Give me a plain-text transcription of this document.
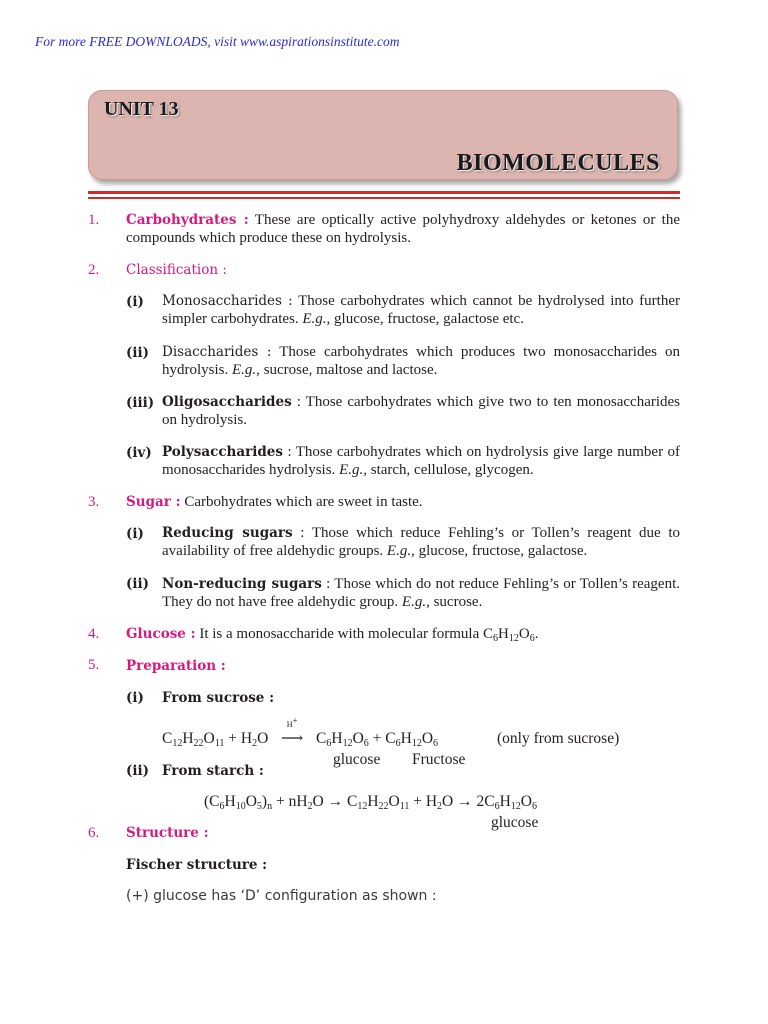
For more FREE DOWNLOADS, visit www.aspirationsinstitute.com
UNIT 13
BIOMOLECULES
1. Carbohydrates : These are optically active polyhydroxy aldehydes or ketones or the compounds which produce these on hydrolysis.
2. Classification :
(i) Monosaccharides : Those carbohydrates which cannot be hydrolysed into further simpler carbohydrates. E.g., glucose, fructose, galactose etc.
(ii) Disaccharides : Those carbohydrates which produces two monosaccharides on hydrolysis. E.g., sucrose, maltose and lactose.
(iii) Oligosaccharides : Those carbohydrates which give two to ten monosaccharides on hydrolysis.
(iv) Polysaccharides : Those carbohydrates which on hydrolysis give large number of monosaccharides hydrolysis. E.g., starch, cellulose, glycogen.
3. Sugar : Carbohydrates which are sweet in taste.
(i) Reducing sugars : Those which reduce Fehling’s or Tollen’s reagent due to availability of free aldehydic groups. E.g., glucose, fructose, galactose.
(ii) Non-reducing sugars : Those which do not reduce Fehling’s or Tollen’s reagent. They do not have free aldehydic group. E.g., sucrose.
4. Glucose : It is a monosaccharide with molecular formula $C_6H_{12}O_6$.
5. Preparation :
(i) From sucrose :
$C_{12}H_{22}O_{11} + H_2O$
H+
⟶ $C_6H_{12}O_6 + C_6H_{12}O_6$	(only from sucrose)
glucose Fructose
(ii) From starch :
$(C_6H_{10}O_5)_n + nH_2O \to C_{12}H_{22}O_{11} + H_2O \to 2C_6H_{12}O_6$
glucose
6. Structure :
Fischer structure :
(+) glucose has ‘D’ configuration as shown :
